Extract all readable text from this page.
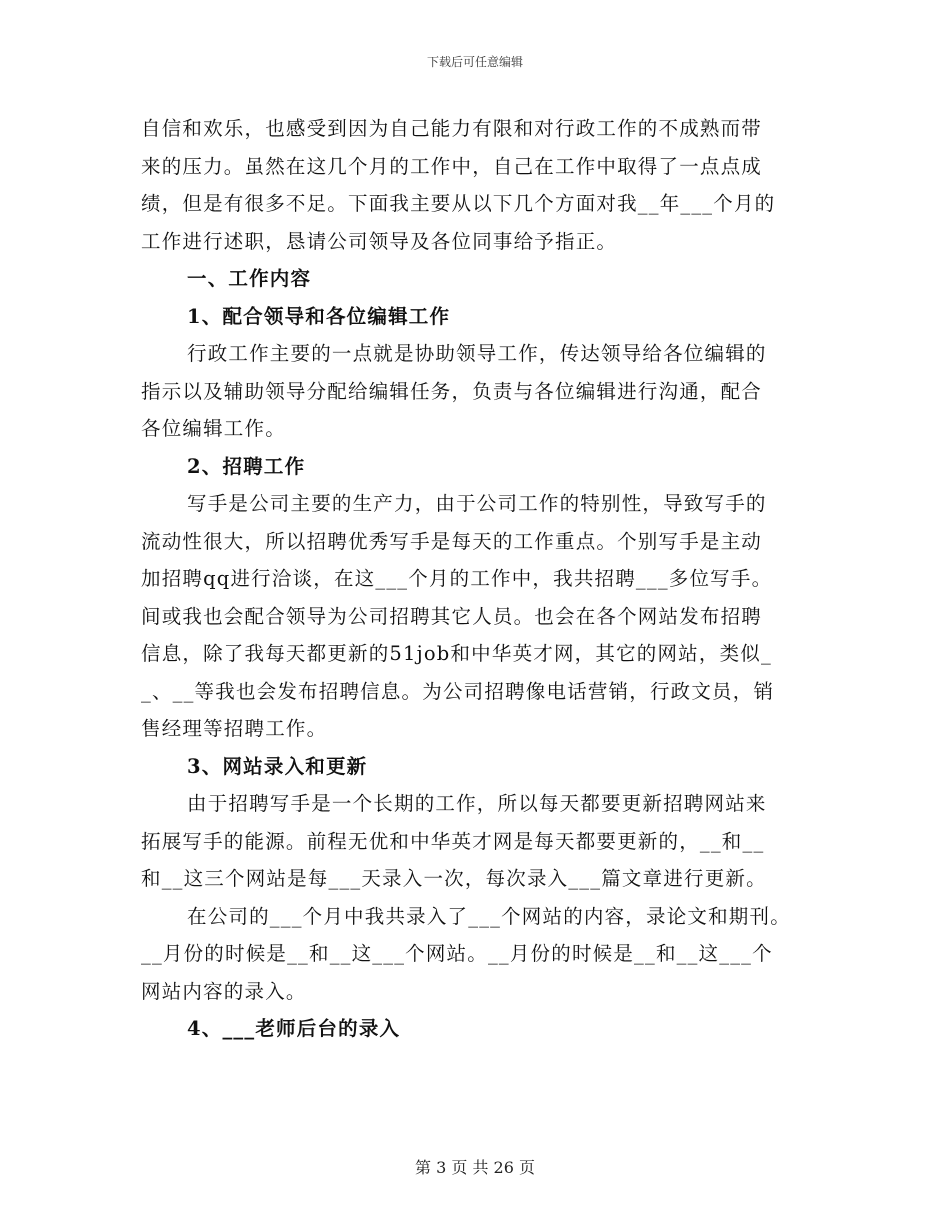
下载后可任意编辑
自信和欢乐，也感受到因为自己能力有限和对行政工作的不成熟而带
来的压力。虽然在这几个月的工作中，自己在工作中取得了一点点成
绩，但是有很多不足。下面我主要从以下几个方面对我__年___个月的
工作进行述职，恳请公司领导及各位同事给予指正。
一、工作内容
1、配合领导和各位编辑工作
行政工作主要的一点就是协助领导工作，传达领导给各位编辑的
指示以及辅助领导分配给编辑任务，负责与各位编辑进行沟通，配合
各位编辑工作。
2、招聘工作
写手是公司主要的生产力，由于公司工作的特别性，导致写手的
流动性很大，所以招聘优秀写手是每天的工作重点。个别写手是主动
加招聘qq进行洽谈，在这___个月的工作中，我共招聘___多位写手。
间或我也会配合领导为公司招聘其它人员。也会在各个网站发布招聘
信息，除了我每天都更新的51job和中华英才网，其它的网站，类似_
_、__等我也会发布招聘信息。为公司招聘像电话营销，行政文员，销
售经理等招聘工作。
3、网站录入和更新
由于招聘写手是一个长期的工作，所以每天都要更新招聘网站来
拓展写手的能源。前程无优和中华英才网是每天都要更新的，__和__
和__这三个网站是每___天录入一次，每次录入___篇文章进行更新。
在公司的___个月中我共录入了___个网站的内容，录论文和期刊。
__月份的时候是__和__这___个网站。__月份的时候是__和__这___个
网站内容的录入。
4、___老师后台的录入
第 3 页 共 26 页
